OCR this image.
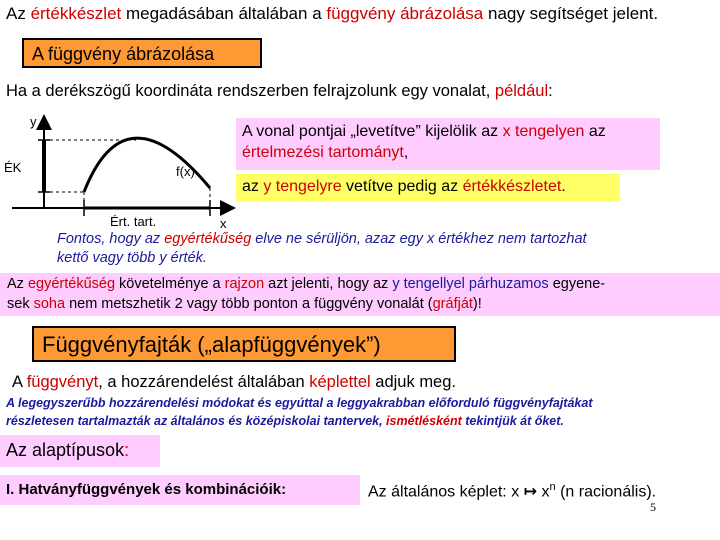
Az értékkészlet megadásában általában a függvény ábrázolása nagy segítséget jelent.
A függvény ábrázolása
Ha a derékszögű koordináta rendszerben felrajzolunk egy vonalat, például:
y
ÉK	f(x)
x
Ért. tart.
A vonal pontjai „levetítve” kijelölik az x tengelyen az értelmezési tartományt,
az y tengelyre vetítve pedig az értékkészletet.
Fontos, hogy az egyértékűség elve ne sérüljön, azaz egy x értékhez nem tartozhat
kettő vagy több y érték.
Az egyértékűség követelménye a rajzon azt jelenti, hogy az y tengellyel párhuzamos egyene-
sek soha nem metszhetik 2 vagy több ponton a függvény vonalát (gráfját)!
Függvényfajták („alapfüggvények”)
A függvényt, a hozzárendelést általában képlettel adjuk meg.
A legegyszerűbb hozzárendelési módokat és egyúttal a leggyakrabban előforduló függvényfajtákat
részletesen tartalmazták az általános és középiskolai tantervek, ismétlésként tekintjük át őket.
Az alaptípusok:
I. Hatványfüggvények és kombinációik:	Az általános képlet: x ↦ $x^n$ (n racionális).
5
